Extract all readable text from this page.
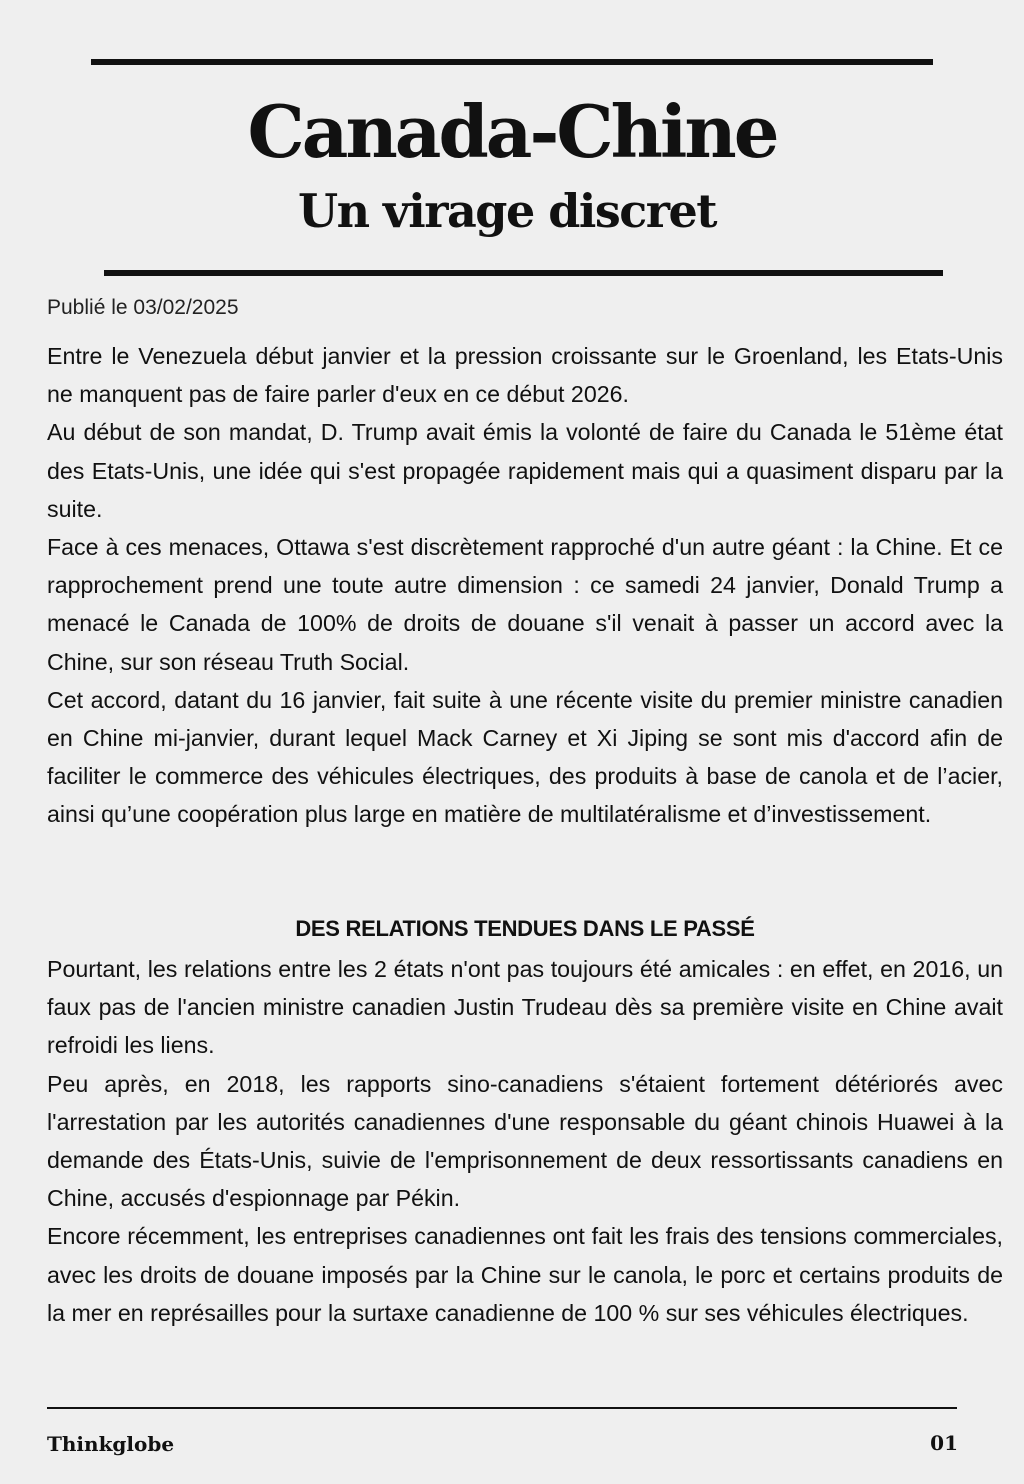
Canada-Chine
Un virage discret
Publié le 03/02/2025

Entre le Venezuela début janvier et la pression croissante sur le Groenland, les Etats-Unis ne manquent pas de faire parler d'eux en ce début 2026.

Au début de son mandat, D. Trump avait émis la volonté de faire du Canada le 51ème état des Etats-Unis, une idée qui s'est propagée rapidement mais qui a quasiment disparu par la suite.

Face à ces menaces, Ottawa s'est discrètement rapproché d'un autre géant : la Chine. Et ce rapprochement prend une toute autre dimension : ce samedi 24 janvier, Donald Trump a menacé le Canada de 100% de droits de douane s'il venait à passer un accord avec la Chine, sur son réseau Truth Social.

Cet accord, datant du 16 janvier, fait suite à une récente visite du premier ministre canadien en Chine mi-janvier, durant lequel Mack Carney et Xi Jiping se sont mis d'accord afin de faciliter le commerce des véhicules électriques, des produits à base de canola et de l’acier, ainsi qu’une coopération plus large en matière de multilatéralisme et d’investissement.

DES RELATIONS TENDUES DANS LE PASSÉ

Pourtant, les relations entre les 2 états n'ont pas toujours été amicales : en effet, en 2016, un faux pas de l'ancien ministre canadien Justin Trudeau dès sa première visite en Chine avait refroidi les liens.

Peu après, en 2018, les rapports sino-canadiens s'étaient fortement détériorés avec l'arrestation par les autorités canadiennes d'une responsable du géant chinois Huawei à la demande des États-Unis, suivie de l'emprisonnement de deux ressortissants canadiens en Chine, accusés d'espionnage par Pékin.

Encore récemment, les entreprises canadiennes ont fait les frais des tensions commerciales, avec les droits de douane imposés par la Chine sur le canola, le porc et certains produits de la mer en représailles pour la surtaxe canadienne de 100 % sur ses véhicules électriques.

Thinkglobe	01
